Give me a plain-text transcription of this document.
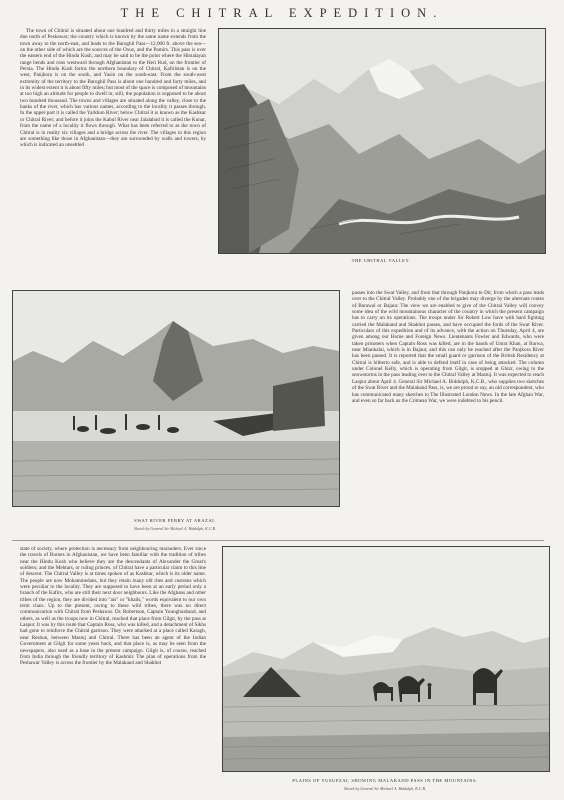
THE CHITRAL EXPEDITION.

The town of Chitral is situated about one hundred and thirty miles in a straight line due north of Peshawar; the country which is known by the same name extends from the town away to the north-east, and leads to the Baroghil Pass—12,000 ft. above the sea—on the other side of which are the sources of the Oxus, and the Pamirs. This pass is over the eastern end of the Hindu Kush, and may be said to be the point where the Himalayan range bends and runs westward through Afghanistan to the Heri Rud, on the frontier of Persia. The Hindu Kush forms the northern boundary of Chitral, Kafiristan is on the west, Panjkora is on the south, and Yasin on the south-east. From the south-west extremity of the territory to the Baroghil Pass is about one hundred and forty miles, and in its widest extent it is about fifty miles; but most of the space is composed of mountains at too high an altitude for people to dwell in; still, the population is supposed to be about two hundred thousand. The towns and villages are situated along the valley, close to the banks of the river, which has various names, according to the locality it passes through. In the upper part it is called the Yarkhun River; below Chitral it is known as the Kashkar or Chitral River; and before it joins the Kabul River near Jalalabad it is called the Kunar, from the name of a locality it flows through. What has been referred to as the town of Chitral is in reality six villages and a bridge across the river. The villages in this region are something like those in Afghanistan—they are surrounded by walls and towers, by which is indicated an unsettled

THE CHITRAL VALLEY.
SWAT RIVER FERRY AT ARAZAI.
Sketch by General Sir Michael A. Biddulph, K.C.B.

passes into the Swat Valley, and from that through Panjkora to Dir, from which a pass leads over to the Chitral Valley. Probably one of the brigades may diverge by the alternate routes of Barawal or Bajaur. The view we are enabled to give of the Chitral Valley will convey some idea of the wild mountainous character of the country in which the present campaign has to carry on its operations. The troops under Sir Robert Low have with hard fighting carried the Malakand and Shakhot passes, and have occupied the fords of the Swat River. Particulars of this expedition and of its advance, with the action on Thursday, April 4, are given among our Home and Foreign News. Lieutenants Fowler and Edwards, who were taken prisoners when Captain Ross was killed, are in the hands of Umra Khan, at Barwa, near Miankalai, which is in Bajaur, and this can only be reached after the Panjkora River has been passed. It is reported that the small guard or garrison of the British Residency at Chitral is hitherto safe, and is able to defend itself in case of being attacked. The column under Colonel Kelly, which is operating from Gilgit, is stopped at Ghizr, owing to the snowstorms in the pass leading over to the Chitral Valley at Mastuj. It was expected to reach Laspur about April 4. General Sir Michael A. Biddulph, K.C.B., who supplies two sketches of the Swat River and the Malakand Pass, is, we are proud to say, an old correspondent, who has communicated many sketches to The Illustrated London News. In the late Afghan War, and even so far back as the Crimean War, we were indebted to his pencil.

state of society, where protection is necessary from neighbouring marauders. Ever since the travels of Burnes in Afghanistan, we have been familiar with the tradition of tribes near the Hindu Kush who believe they are the descendants of Alexander the Great's soldiers; and the Mehtars, or ruling princes, of Chitral have a particular claim to this line of descent. The Chitral Valley is at times spoken of as Kashkar, which is its older name. The people are now Mohammedans, but they retain many old rites and customs which were peculiar to the locality. They are supposed to have been at an early period only a branch of the Kafirs, who are still their next door neighbours. Like the Afghans and other tribes of the region, they are divided into "ais" or "khails," words equivalent to our own term clans. Up to the present, owing to these wild tribes, there was no direct communication with Chitral from Peshawar. Dr. Robertson, Captain Younghusband, and others, as well as the troops now in Chitral, reached that place from Gilgit, by the pass at Laspur. It was by this route that Captain Ross, who was killed, and a detachment of Sikhs had gone to reinforce the Chitral garrison. They were attacked at a place called Karagh, near Reshun, between Mastuj and Chitral. There has been an agent of the Indian Government at Gilgit for some years back, and that place is, as may be seen from the newspapers, also used as a base in the present campaign. Gilgit is, of course, reached from India through the friendly territory of Kashmir. The plan of operations from the Peshawar Valley is across the frontier by the Malakand and Shakhot

PLAINS OF YUSUFZAI, SHOWING MALAKAND PASS IN THE MOUNTAINS.
Sketch by General Sir Michael A. Biddulph, K.C.B.
